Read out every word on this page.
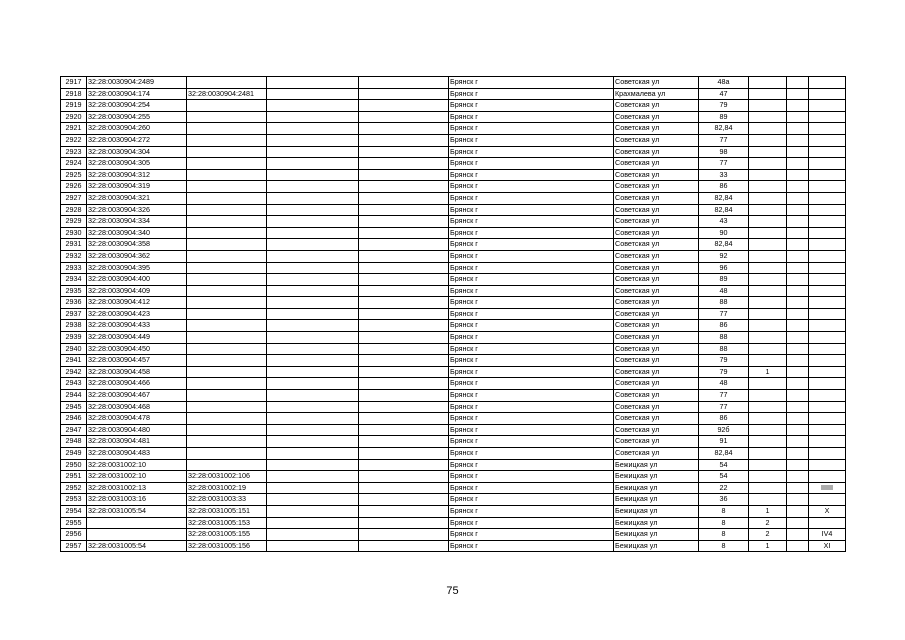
2917	32:28:0030904:2489				Брянск г	Советская ул	48а			
2918	32:28:0030904:174	32:28:0030904:2481			Брянск г	Крахмалева ул	47			
2919	32:28:0030904:254				Брянск г	Советская ул	79			
2920	32:28:0030904:255				Брянск г	Советская ул	89			
2921	32:28:0030904:260				Брянск г	Советская ул	82,84			
2922	32:28:0030904:272				Брянск г	Советская ул	77			
2923	32:28:0030904:304				Брянск г	Советская ул	98			
2924	32:28:0030904:305				Брянск г	Советская ул	77			
2925	32:28:0030904:312				Брянск г	Советская ул	33			
2926	32:28:0030904:319				Брянск г	Советская ул	86			
2927	32:28:0030904:321				Брянск г	Советская ул	82,84			
2928	32:28:0030904:326				Брянск г	Советская ул	82,84			
2929	32:28:0030904:334				Брянск г	Советская ул	43			
2930	32:28:0030904:340				Брянск г	Советская ул	90			
2931	32:28:0030904:358				Брянск г	Советская ул	82,84			
2932	32:28:0030904:362				Брянск г	Советская ул	92			
2933	32:28:0030904:395				Брянск г	Советская ул	96			
2934	32:28:0030904:400				Брянск г	Советская ул	89			
2935	32:28:0030904:409				Брянск г	Советская ул	48			
2936	32:28:0030904:412				Брянск г	Советская ул	88			
2937	32:28:0030904:423				Брянск г	Советская ул	77			
2938	32:28:0030904:433				Брянск г	Советская ул	86			
2939	32:28:0030904:449				Брянск г	Советская ул	88			
2940	32:28:0030904:450				Брянск г	Советская ул	88			
2941	32:28:0030904:457				Брянск г	Советская ул	79			
2942	32:28:0030904:458				Брянск г	Советская ул	79	1		
2943	32:28:0030904:466				Брянск г	Советская ул	48			
2944	32:28:0030904:467				Брянск г	Советская ул	77			
2945	32:28:0030904:468				Брянск г	Советская ул	77			
2946	32:28:0030904:478				Брянск г	Советская ул	86			
2947	32:28:0030904:480				Брянск г	Советская ул	92б			
2948	32:28:0030904:481				Брянск г	Советская ул	91			
2949	32:28:0030904:483				Брянск г	Советская ул	82,84			
2950	32:28:0031002:10				Брянск г	Бежицкая ул	54			
2951	32:28:0031002:10	32:28:0031002:106			Брянск г	Бежицкая ул	54			
2952	32:28:0031002:13	32:28:0031002:19			Брянск г	Бежицкая ул	22			IIIIII
2953	32:28:0031003:16	32:28:0031003:33			Брянск г	Бежицкая ул	36			
2954	32:28:0031005:54	32:28:0031005:151			Брянск г	Бежицкая ул	8	1		X
2955		32:28:0031005:153			Брянск г	Бежицкая ул	8	2		
2956		32:28:0031005:155			Брянск г	Бежицкая ул	8	2		IV4
2957	32:28:0031005:54	32:28:0031005:156			Брянск г	Бежицкая ул	8	1		XI
75
